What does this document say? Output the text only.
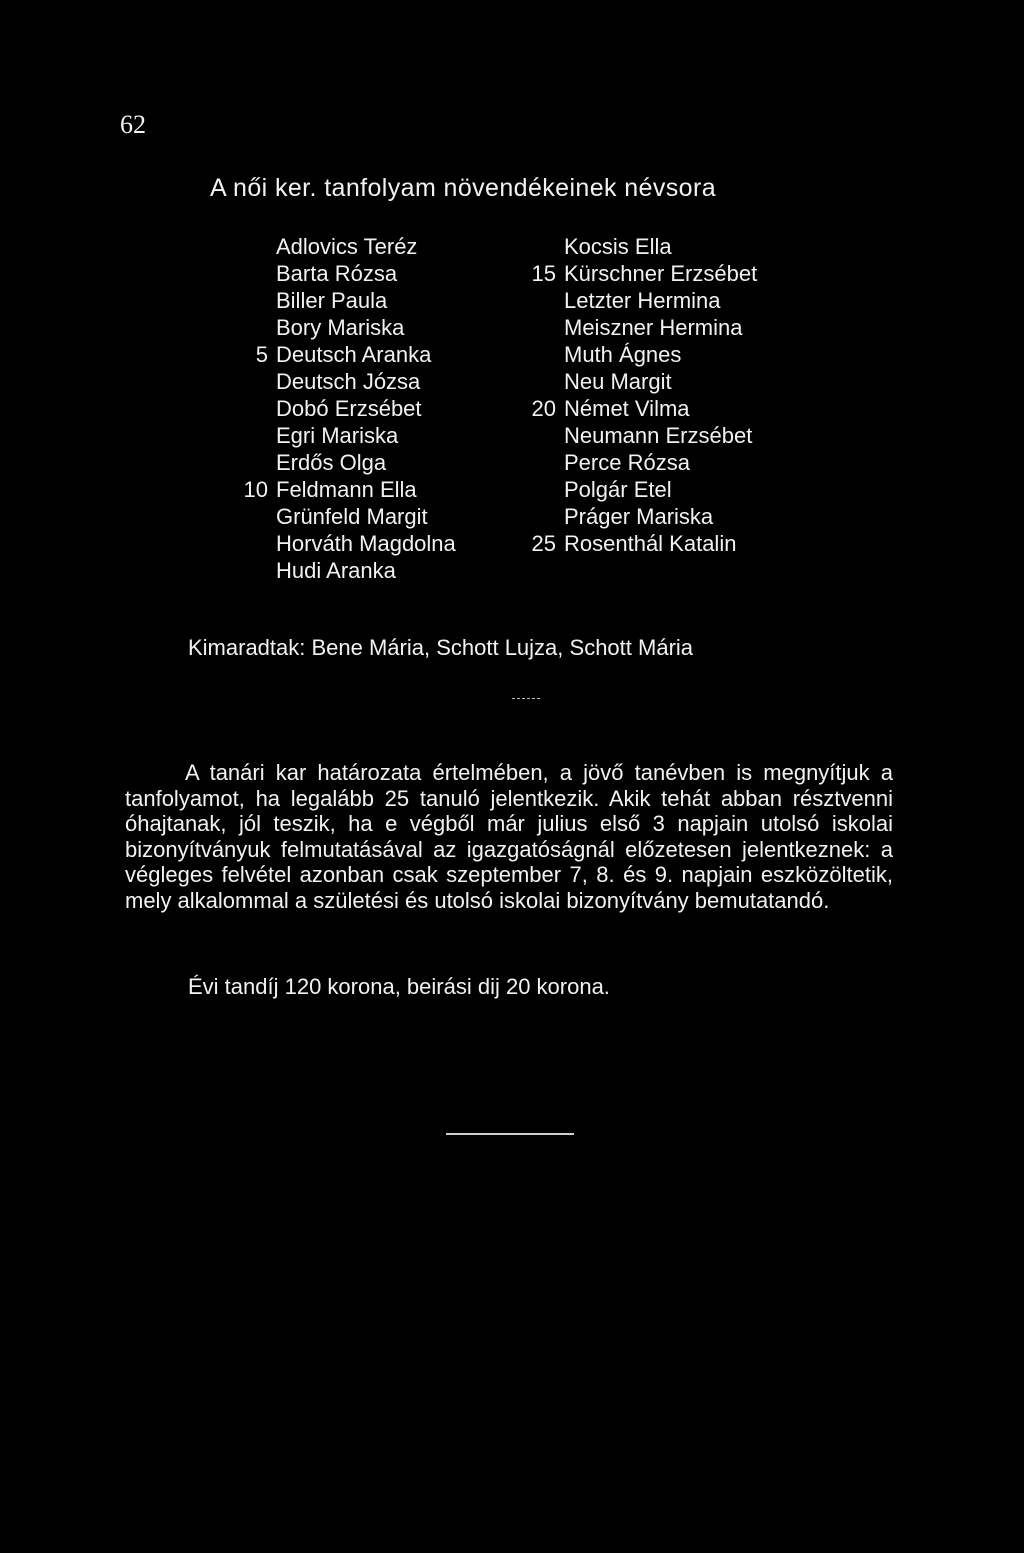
62
A női ker. tanfolyam növendékeinek névsora
Adlovics Teréz
Barta Rózsa
Biller Paula
Bory Mariska
5 Deutsch Aranka
Deutsch Józsa
Dobó Erzsébet
Egri Mariska
Erdős Olga
10 Feldmann Ella
Grünfeld Margit
Horváth Magdolna
Hudi Aranka
Kocsis Ella
15 Kürschner Erzsébet
Letzter Hermina
Meiszner Hermina
Muth Ágnes
Neu Margit
20 Német Vilma
Neumann Erzsébet
Perce Rózsa
Polgár Etel
Práger Mariska
25 Rosenthál Katalin
Kimaradtak: Bene Mária, Schott Lujza, Schott Mária

A tanári kar határozata értelmében, a jövő tanévben is megnyítjuk a tanfolyamot, ha legalább 25 tanuló jelentkezik. Akik tehát abban résztvenni óhajtanak, jól teszik, ha e végből már julius első 3 napjain utolsó iskolai bizonyítványuk felmutatásával az igazgatóságnál előzetesen jelentkeznek: a végleges felvétel azonban csak szeptember 7, 8. és 9. napjain eszközöltetik, mely alkalommal a születési és utolsó iskolai bizonyítvány bemutatandó.

Évi tandíj 120 korona, beirási dij 20 korona.
